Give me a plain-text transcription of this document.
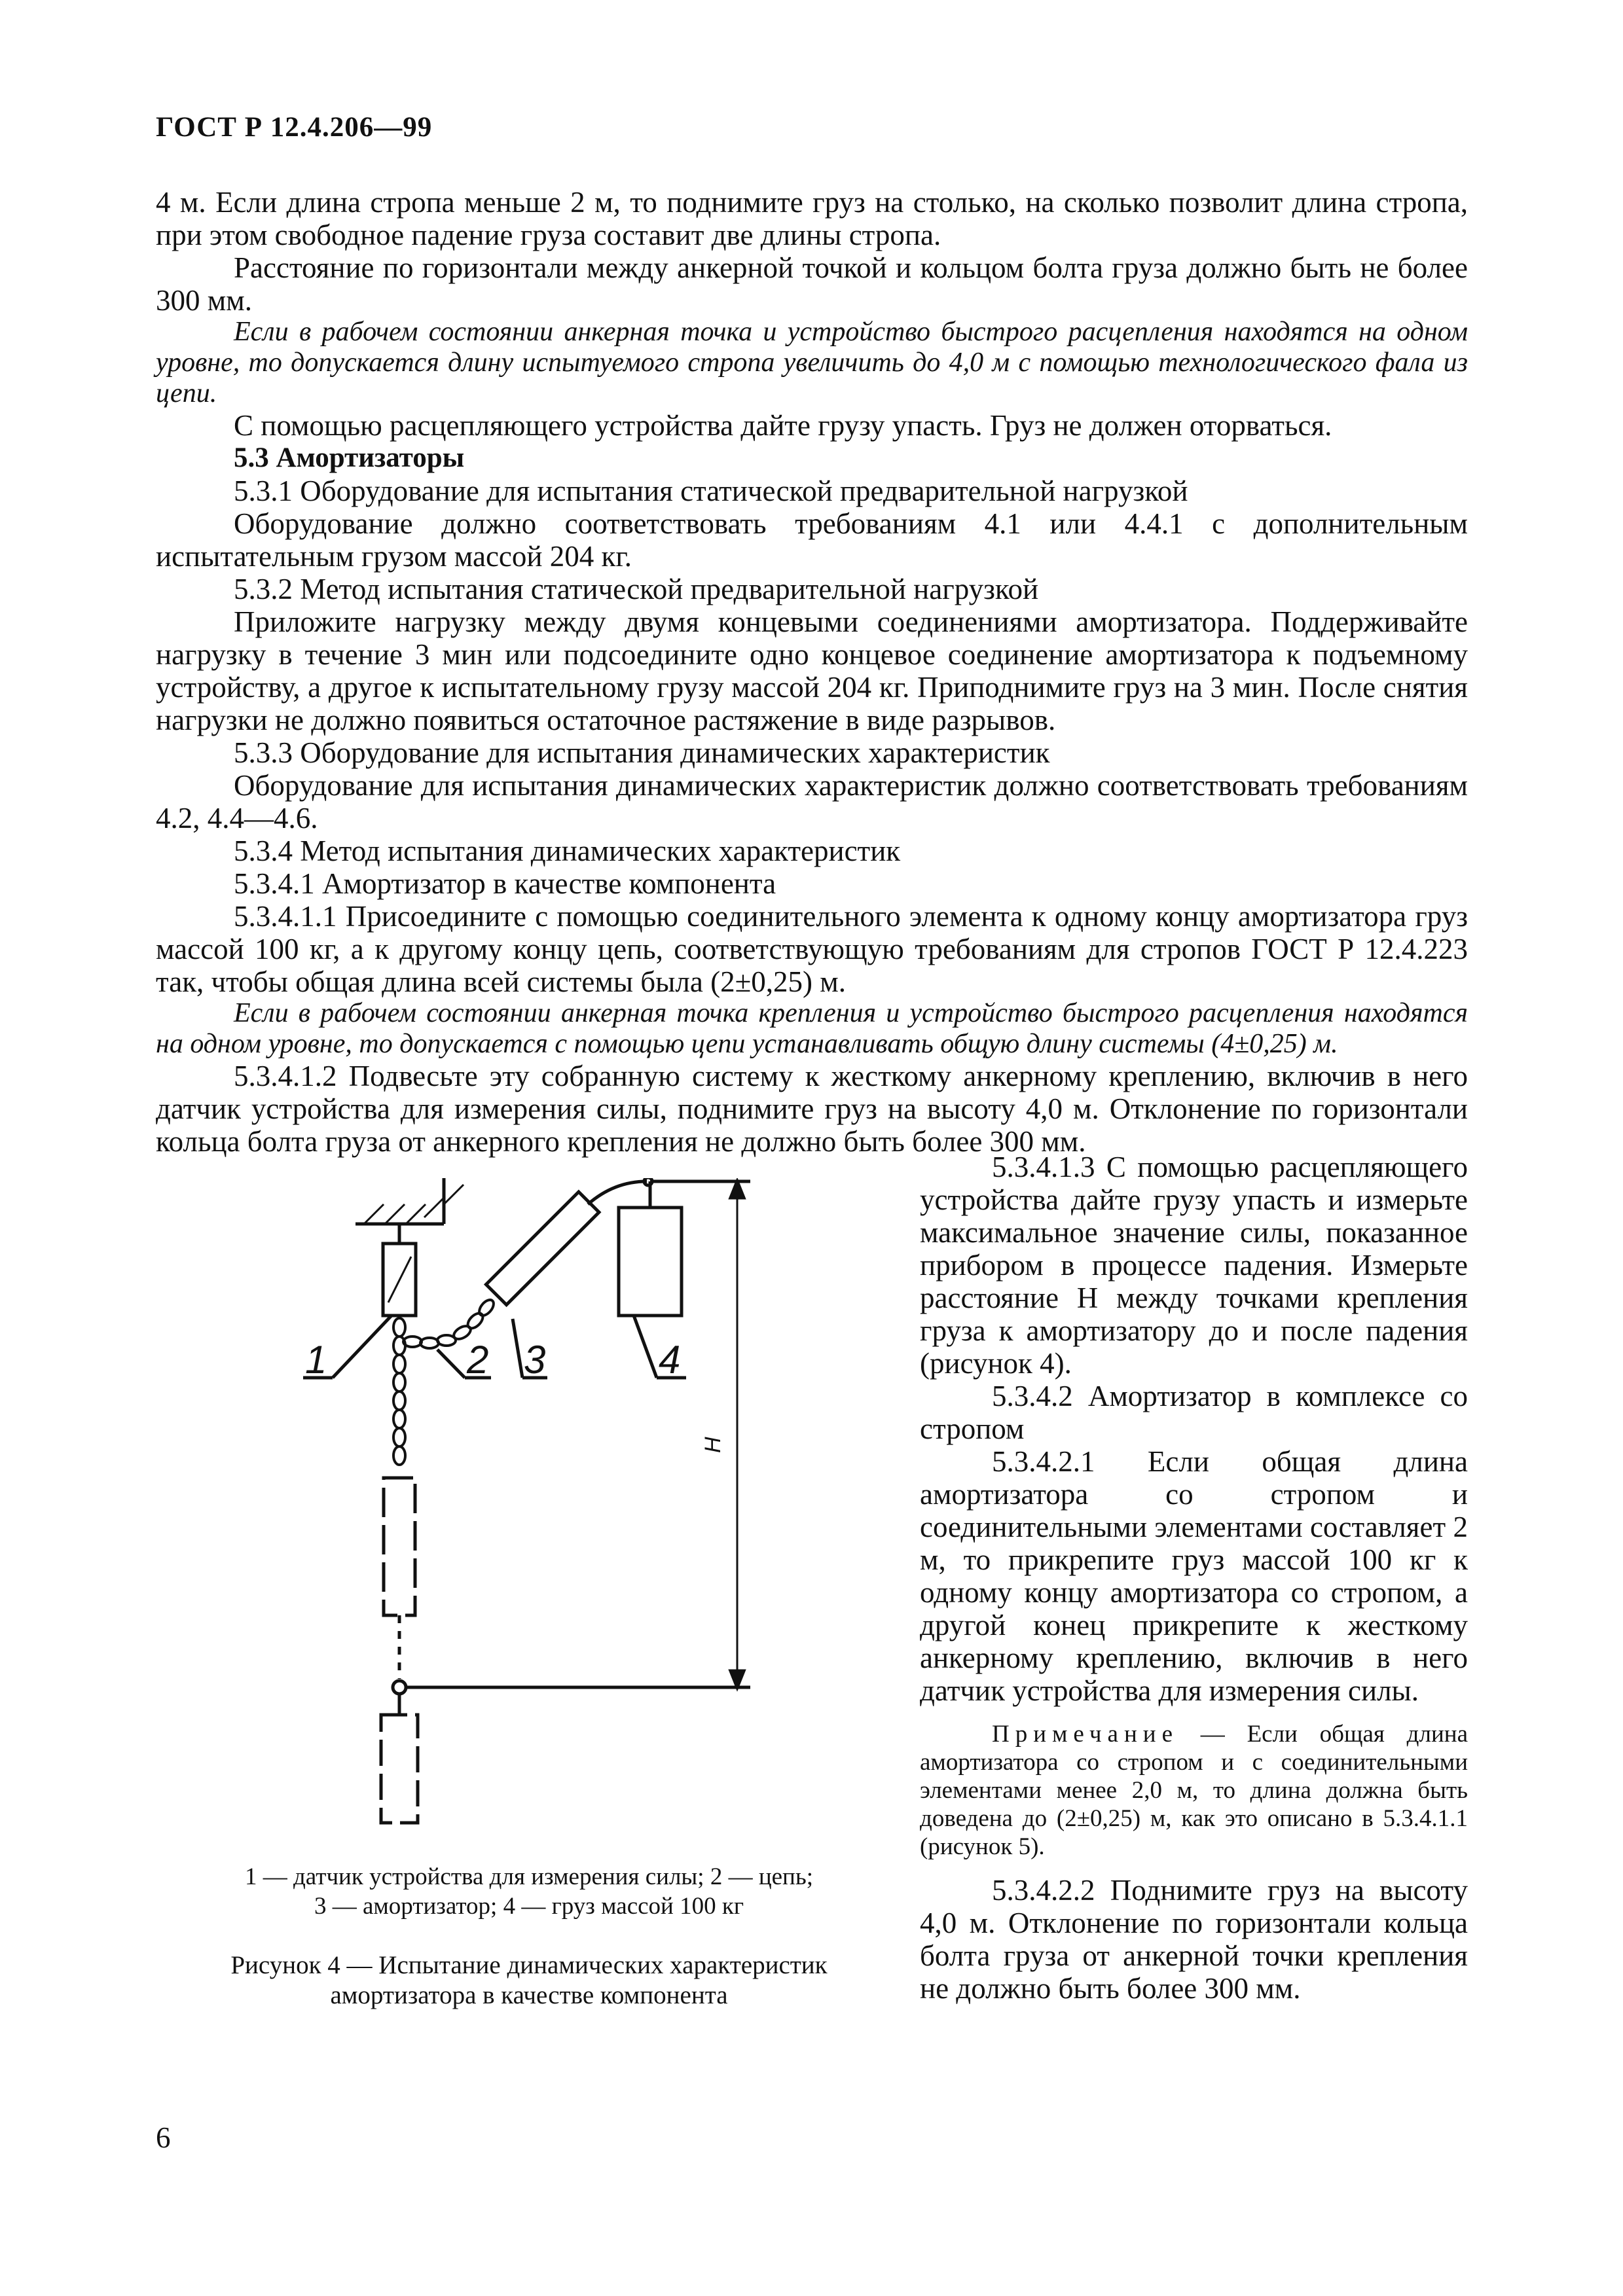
ГОСТ Р 12.4.206—99

4 м. Если длина стропа меньше 2 м, то поднимите груз на столько, на сколько позволит длина стропа, при этом свободное падение груза составит две длины стропа.

Расстояние по горизонтали между анкерной точкой и кольцом болта груза должно быть не более 300 мм.

Если в рабочем состоянии анкерная точка и устройство быстрого расцепления находятся на одном уровне, то допускается длину испытуемого стропа увеличить до 4,0 м с помощью технологического фала из цепи.

С помощью расцепляющего устройства дайте грузу упасть. Груз не должен оторваться.

5.3 Амортизаторы

5.3.1 Оборудование для испытания статической предварительной нагрузкой

Оборудование должно соответствовать требованиям 4.1 или 4.4.1 с дополнительным испытательным грузом массой 204 кг.

5.3.2 Метод испытания статической предварительной нагрузкой

Приложите нагрузку между двумя концевыми соединениями амортизатора. Поддерживайте нагрузку в течение 3 мин или подсоедините одно концевое соединение амортизатора к подъемному устройству, а другое к испытательному грузу массой 204 кг. Приподнимите груз на 3 мин. После снятия нагрузки не должно появиться остаточное растяжение в виде разрывов.

5.3.3 Оборудование для испытания динамических характеристик

Оборудование для испытания динамических характеристик должно соответствовать требованиям 4.2, 4.4—4.6.

5.3.4 Метод испытания динамических характеристик

5.3.4.1 Амортизатор в качестве компонента

5.3.4.1.1 Присоедините с помощью соединительного элемента к одному концу амортизатора груз массой 100 кг, а к другому концу цепь, соответствующую требованиям для стропов ГОСТ Р 12.4.223 так, чтобы общая длина всей системы была (2±0,25) м.

Если в рабочем состоянии анкерная точка крепления и устройство быстрого расцепления находятся на одном уровне, то допускается с помощью цепи устанавливать общую длину системы (4±0,25) м.

5.3.4.1.2 Подвесьте эту собранную систему к жесткому анкерному креплению, включив в него датчик устройства для измерения силы, поднимите груз на высоту 4,0 м. Отклонение по горизонтали кольца болта груза от анкерного крепления не должно быть более 300 мм.

1	2 3	4
H
1 — датчик устройства для измерения силы; 2 — цепь;
3 — амортизатор; 4 — груз массой 100 кг
Рисунок 4 — Испытание динамических характеристик
амортизатора в качестве компонента

5.3.4.1.3 С помощью расцепляющего устройства дайте грузу упасть и измерьте максимальное значение силы, показанное прибором в процессе падения. Измерьте расстояние H между точками крепления груза к амортизатору до и после падения (рисунок 4).

5.3.4.2 Амортизатор в комплексе со стропом

5.3.4.2.1 Если общая длина амортизатора со стропом и соединительными элементами составляет 2 м, то прикрепите груз массой 100 кг к одному концу амортизатора со стропом, а другой конец прикрепите к жесткому анкерному креплению, включив в него датчик устройства для измерения силы.

Примечание — Если общая длина амортизатора со стропом и с соединительными элементами менее 2,0 м, то длина должна быть доведена до (2±0,25) м, как это описано в 5.3.4.1.1 (рисунок 5).

5.3.4.2.2 Поднимите груз на высоту 4,0 м. Отклонение по горизонтали кольца болта груза от анкерной точки крепления не должно быть более 300 мм.

6
